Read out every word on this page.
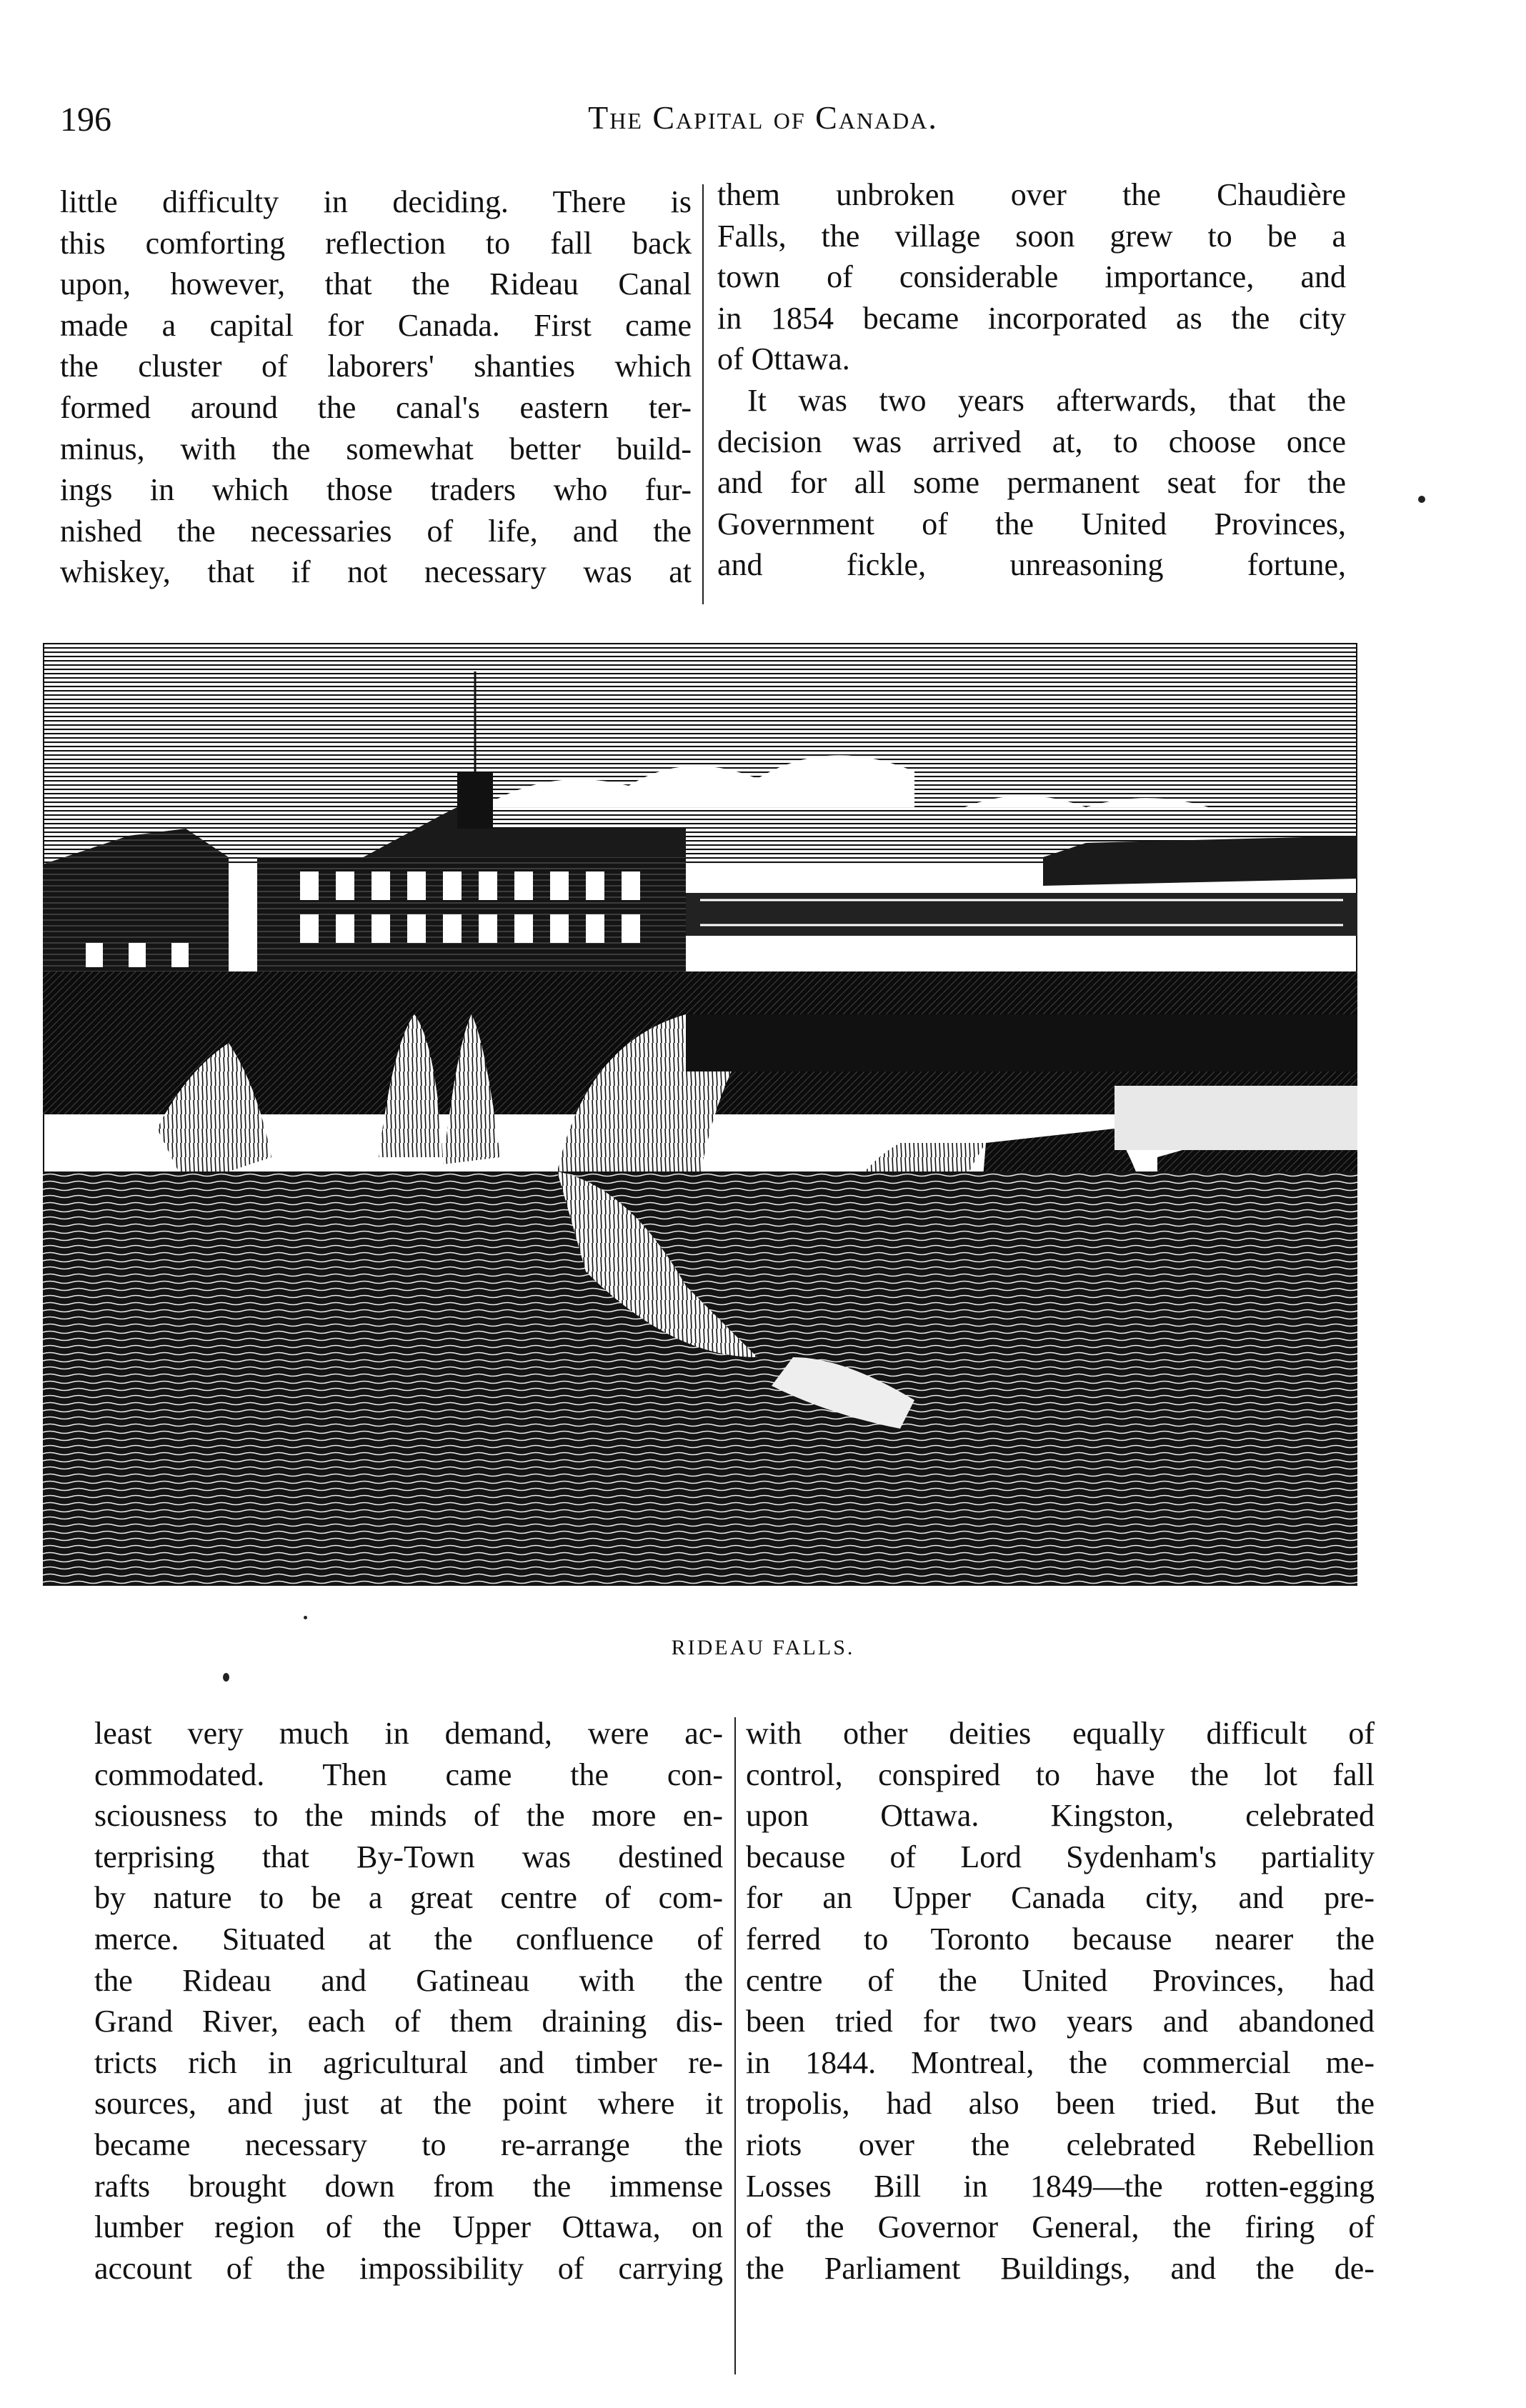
196	The Capital of Canada.
little difficulty in deciding. There is
this comforting reflection to fall back
upon, however, that the Rideau Canal
made a capital for Canada. First came
the cluster of laborers' shanties which
formed around the canal's eastern ter-
minus, with the somewhat better build-
ings in which those traders who fur-
nished the necessaries of life, and the
whiskey, that if not necessary was at
them unbroken over the Chaudière
Falls, the village soon grew to be a
town of considerable importance, and
in 1854 became incorporated as the city
of Ottawa.
It was two years afterwards, that the
decision was arrived at, to choose once
and for all some permanent seat for the
Government of the United Provinces,
and fickle, unreasoning fortune,
RIDEAU FALLS.
least very much in demand, were ac-
commodated. Then came the con-
sciousness to the minds of the more en-
terprising that By-Town was destined
by nature to be a great centre of com-
merce. Situated at the confluence of
the Rideau and Gatineau with the
Grand River, each of them draining dis-
tricts rich in agricultural and timber re-
sources, and just at the point where it
became necessary to re-arrange the
rafts brought down from the immense
lumber region of the Upper Ottawa, on
account of the impossibility of carrying
with other deities equally difficult of
control, conspired to have the lot fall
upon Ottawa. Kingston, celebrated
because of Lord Sydenham's partiality
for an Upper Canada city, and pre-
ferred to Toronto because nearer the
centre of the United Provinces, had
been tried for two years and abandoned
in 1844. Montreal, the commercial me-
tropolis, had also been tried. But the
riots over the celebrated Rebellion
Losses Bill in 1849—the rotten-egging
of the Governor General, the firing of
the Parliament Buildings, and the de-
